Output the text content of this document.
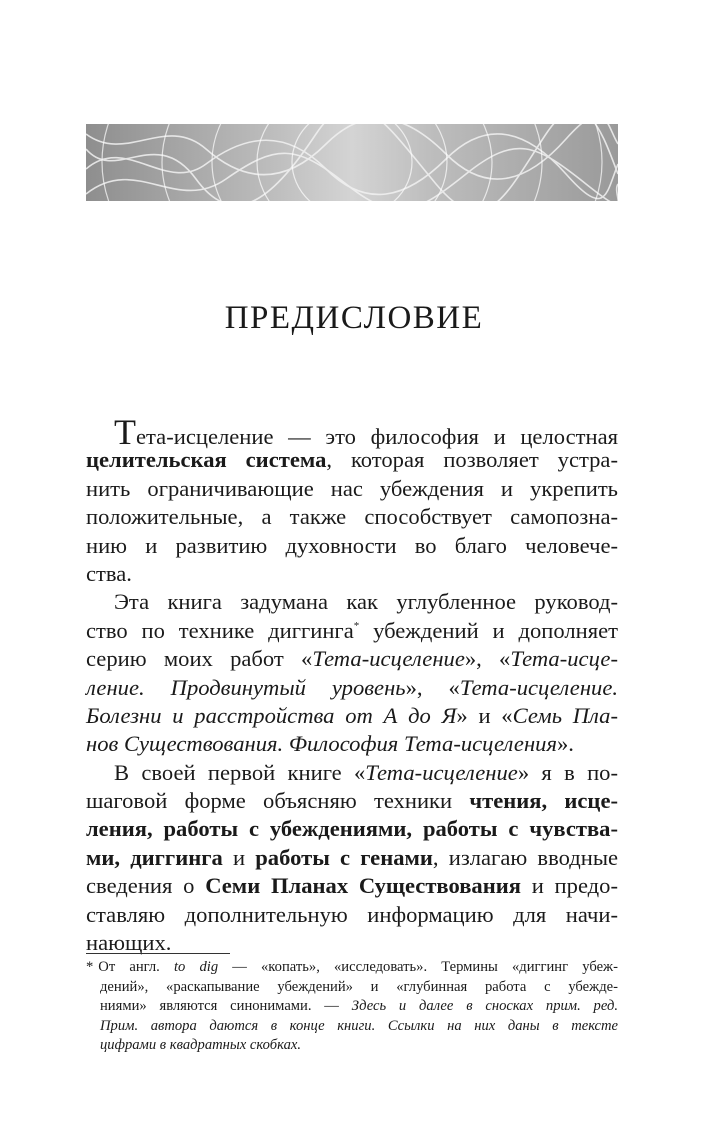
ПРЕДИСЛОВИЕ
Тета-исцеление — это философия и целостная
целительская система, которая позволяет устра-
нить ограничивающие нас убеждения и укрепить
положительные, а также способствует самопозна-
нию и развитию духовности во благо человече-
ства.
Эта книга задумана как углубленное руковод-
ство по технике диггинга* убеждений и дополняет
серию моих работ «Тета-исцеление», «Тета-исце-
ление. Продвинутый уровень», «Тета-исцеление.
Болезни и расстройства от А до Я» и «Семь Пла-
нов Существования. Философия Тета-исцеления».
В своей первой книге «Тета-исцеление» я в по-
шаговой форме объясняю техники чтения, исце-
ления, работы с убеждениями, работы с чувства-
ми, диггинга и работы с генами, излагаю вводные
сведения о Семи Планах Существования и предо-
ставляю дополнительную информацию для начи-
нающих.
* От англ. to dig — «копать», «исследовать». Термины «диггинг убеж-
дений», «раскапывание убеждений» и «глубинная работа с убежде-
ниями» являются синонимами. — Здесь и далее в сносках прим. ред.
Прим. автора даются в конце книги. Ссылки на них даны в тексте
цифрами в квадратных скобках.
